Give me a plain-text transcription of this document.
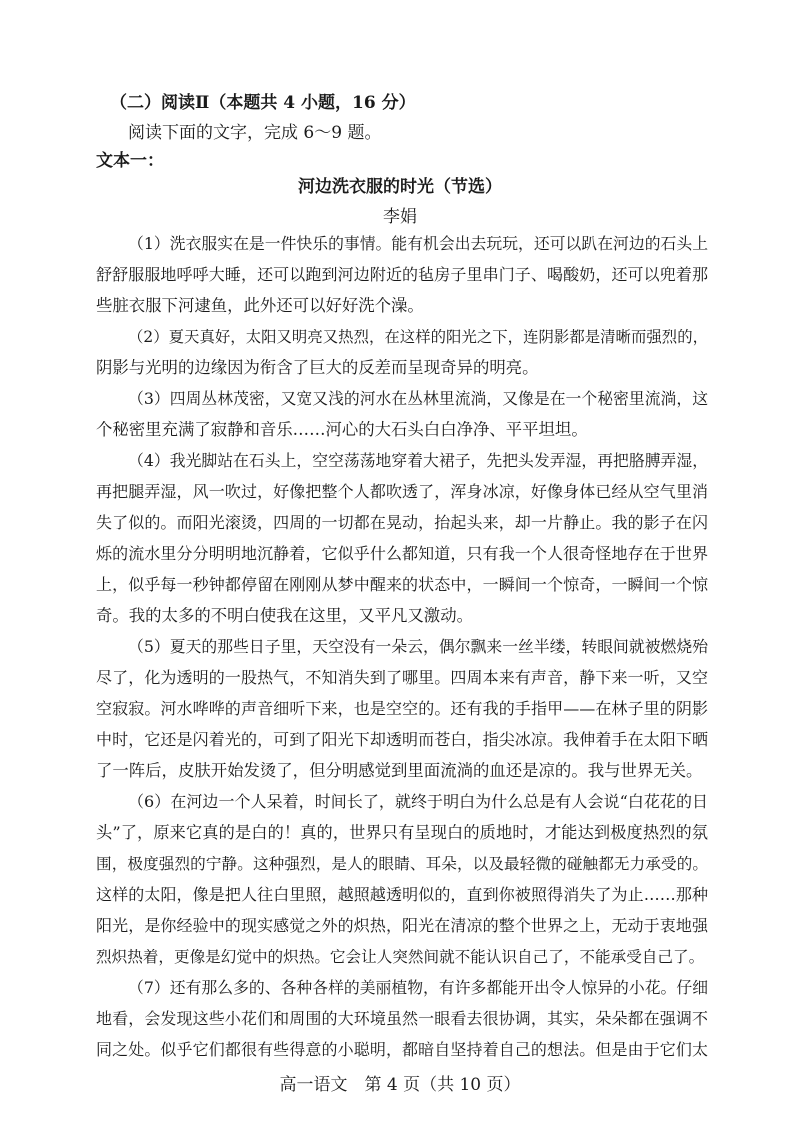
（二）阅读Ⅱ（本题共 4 小题，16 分）
阅读下面的文字，完成 6～9 题。
文本一：
河边洗衣服的时光（节选）
李娟
（1）洗衣服实在是一件快乐的事情。能有机会出去玩玩，还可以趴在河边的石头上
舒舒服服地呼呼大睡，还可以跑到河边附近的毡房子里串门子、喝酸奶，还可以兜着那
些脏衣服下河逮鱼，此外还可以好好洗个澡。
（2）夏天真好，太阳又明亮又热烈，在这样的阳光之下，连阴影都是清晰而强烈的，
阴影与光明的边缘因为衔含了巨大的反差而呈现奇异的明亮。
（3）四周丛林茂密，又宽又浅的河水在丛林里流淌，又像是在一个秘密里流淌，这
个秘密里充满了寂静和音乐……河心的大石头白白净净、平平坦坦。
（4）我光脚站在石头上，空空荡荡地穿着大裙子，先把头发弄湿，再把胳膊弄湿，
再把腿弄湿，风一吹过，好像把整个人都吹透了，浑身冰凉，好像身体已经从空气里消
失了似的。而阳光滚烫，四周的一切都在晃动，抬起头来，却一片静止。我的影子在闪
烁的流水里分分明明地沉静着，它似乎什么都知道，只有我一个人很奇怪地存在于世界
上，似乎每一秒钟都停留在刚刚从梦中醒来的状态中，一瞬间一个惊奇，一瞬间一个惊
奇。我的太多的不明白使我在这里，又平凡又激动。
（5）夏天的那些日子里，天空没有一朵云，偶尔飘来一丝半缕，转眼间就被燃烧殆
尽了，化为透明的一股热气，不知消失到了哪里。四周本来有声音，静下来一听，又空
空寂寂。河水哗哗的声音细听下来，也是空空的。还有我的手指甲——在林子里的阴影
中时，它还是闪着光的，可到了阳光下却透明而苍白，指尖冰凉。我伸着手在太阳下晒
了一阵后，皮肤开始发烫了，但分明感觉到里面流淌的血还是凉的。我与世界无关。
（6）在河边一个人呆着，时间长了，就终于明白为什么总是有人会说“白花花的日
头”了，原来它真的是白的！真的，世界只有呈现白的质地时，才能达到极度热烈的氛
围，极度强烈的宁静。这种强烈，是人的眼睛、耳朵，以及最轻微的碰触都无力承受的。
这样的太阳，像是把人往白里照，越照越透明似的，直到你被照得消失了为止……那种
阳光，是你经验中的现实感觉之外的炽热，阳光在清凉的整个世界之上，无动于衷地强
烈炽热着，更像是幻觉中的炽热。它会让人突然间就不能认识自己了，不能承受自己了。
（7）还有那么多的、各种各样的美丽植物，有许多都能开出令人惊异的小花。仔细
地看，会发现这些小花们和周围的大环境虽然一眼看去很协调，其实，朵朵都在强调不
同之处。似乎它们都很有些得意的小聪明，都暗自坚持着自己的想法。但是由于它们太
高一语文　第 4 页（共 10 页）
